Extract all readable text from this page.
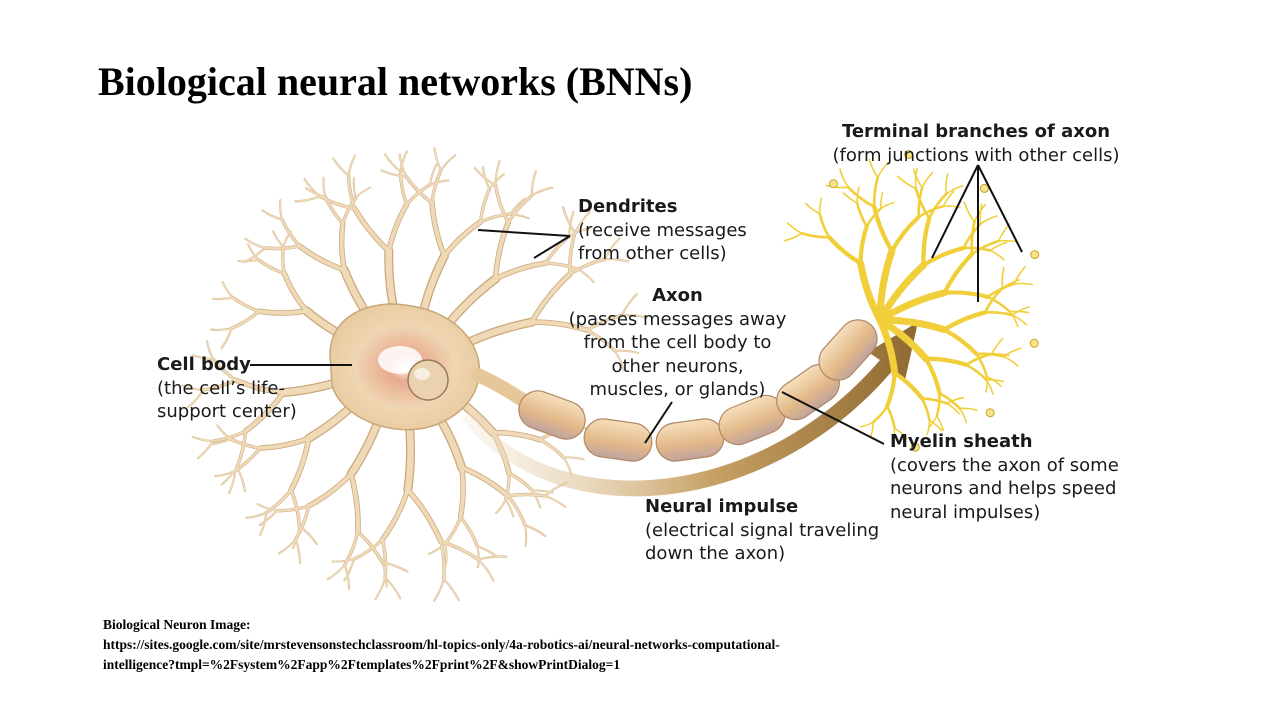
Biological neural networks (BNNs)
Terminal branches of axon
(form junctions with other cells)
Dendrites
(receive messages
from other cells)
Axon
(passes messages away
from the cell body to
other neurons,
muscles, or glands)
Cell body
(the cell’s life-
support center)
Myelin sheath
(covers the axon of some
neurons and helps speed
neural impulses)
Neural impulse
(electrical signal traveling
down the axon)
Biological Neuron Image:
https://sites.google.com/site/mrstevensonstechclassroom/hl-topics-only/4a-robotics-ai/neural-networks-computational-
intelligence?tmpl=%2Fsystem%2Fapp%2Ftemplates%2Fprint%2F&showPrintDialog=1
